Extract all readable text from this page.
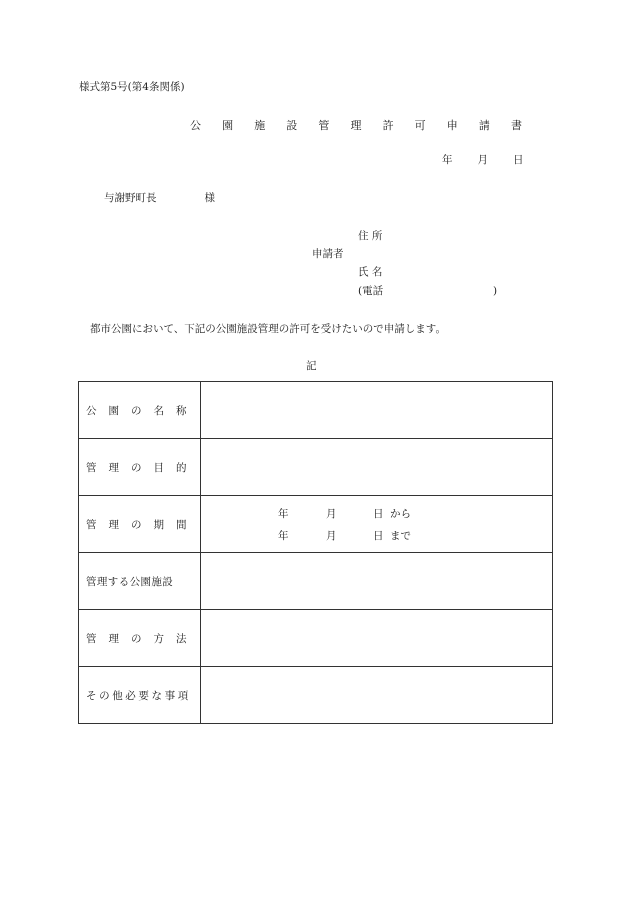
様式第5号(第4条関係)
公 園 施 設 管 理 許 可 申 請 書
年 月 日
与謝野町長	様
住 所
申請者
氏 名
(電話	)
都市公園において、下記の公園施設管理の許可を受けたいので申請します。
記
公園の名称	
管理の目的	
管理の期間	年 月 日 から
年 月 日 まで

管理する公園施設	
管理の方法	
その他必要な事項	
